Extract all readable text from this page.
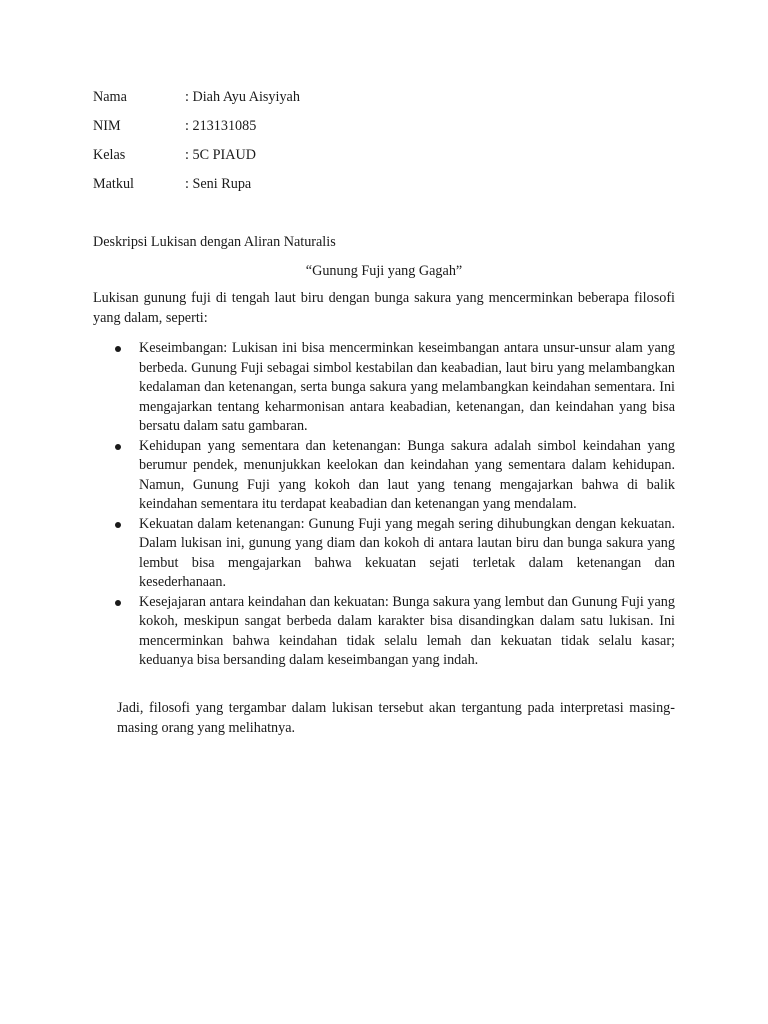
Nama	: Diah Ayu Aisyiyah
NIM	: 213131085
Kelas	: 5C PIAUD
Matkul	: Seni Rupa
Deskripsi Lukisan dengan Aliran Naturalis
“Gunung Fuji yang Gagah”
Lukisan gunung fuji di tengah laut biru dengan bunga sakura yang mencerminkan beberapa filosofi yang dalam, seperti:
Keseimbangan: Lukisan ini bisa mencerminkan keseimbangan antara unsur-unsur alam yang berbeda. Gunung Fuji sebagai simbol kestabilan dan keabadian, laut biru yang melambangkan kedalaman dan ketenangan, serta bunga sakura yang melambangkan keindahan sementara. Ini mengajarkan tentang keharmonisan antara keabadian, ketenangan, dan keindahan yang bisa bersatu dalam satu gambaran.
Kehidupan yang sementara dan ketenangan: Bunga sakura adalah simbol keindahan yang berumur pendek, menunjukkan keelokan dan keindahan yang sementara dalam kehidupan. Namun, Gunung Fuji yang kokoh dan laut yang tenang mengajarkan bahwa di balik keindahan sementara itu terdapat keabadian dan ketenangan yang mendalam.
Kekuatan dalam ketenangan: Gunung Fuji yang megah sering dihubungkan dengan kekuatan. Dalam lukisan ini, gunung yang diam dan kokoh di antara lautan biru dan bunga sakura yang lembut bisa mengajarkan bahwa kekuatan sejati terletak dalam ketenangan dan kesederhanaan.
Kesejajaran antara keindahan dan kekuatan: Bunga sakura yang lembut dan Gunung Fuji yang kokoh, meskipun sangat berbeda dalam karakter bisa disandingkan dalam satu lukisan. Ini mencerminkan bahwa keindahan tidak selalu lemah dan kekuatan tidak selalu kasar; keduanya bisa bersanding dalam keseimbangan yang indah.
Jadi, filosofi yang tergambar dalam lukisan tersebut akan tergantung pada interpretasi masing-masing orang yang melihatnya.
